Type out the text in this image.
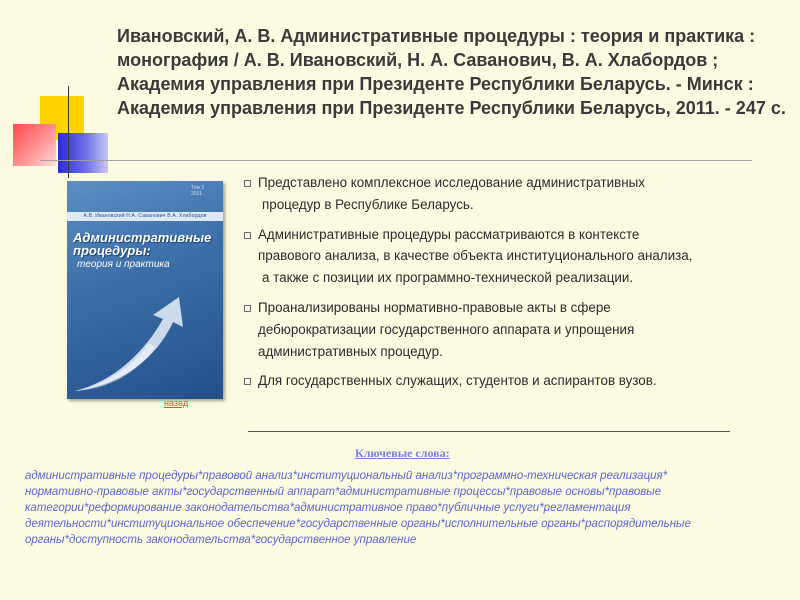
Ивановский, А. В. Административные процедуры : теория и практика : монография / А. В. Ивановский, Н. А. Саванович, В. А. Хлабордов ; Академия управления при Президенте Республики Беларусь. - Минск : Академия управления при Президенте Республики Беларусь, 2011. - 247 с.
Том 3
2011
А.В. Ивановский Н.А. Саванович В.А. Хлабордов
Административные процедуры:
теория и практика
назад

Представлено комплексное исследование административных

процедур в Республике Беларусь.

Административные процедуры рассматриваются в контексте

правового анализа, в качестве объекта институционального анализа,

а также с позиции их программно-технической реализации.

Проанализированы нормативно-правовые акты в сфере

дебюрократизации государственного аппарата и упрощения

административных процедур.

Для государственных служащих, студентов и аспирантов вузов.

Ключевые слова:
административные процедуры*правовой анализ*институциональный анализ*программно-техническая реализация*
нормативно-правовые акты*государственный аппарат*административные процессы*правовые основы*правовые
категории*реформирование законодательства*административное право*публичные услуги*регламентация
деятельности*институциональное обеспечение*государственные органы*исполнительные органы*распорядительные
органы*доступность законодательства*государственное управление
